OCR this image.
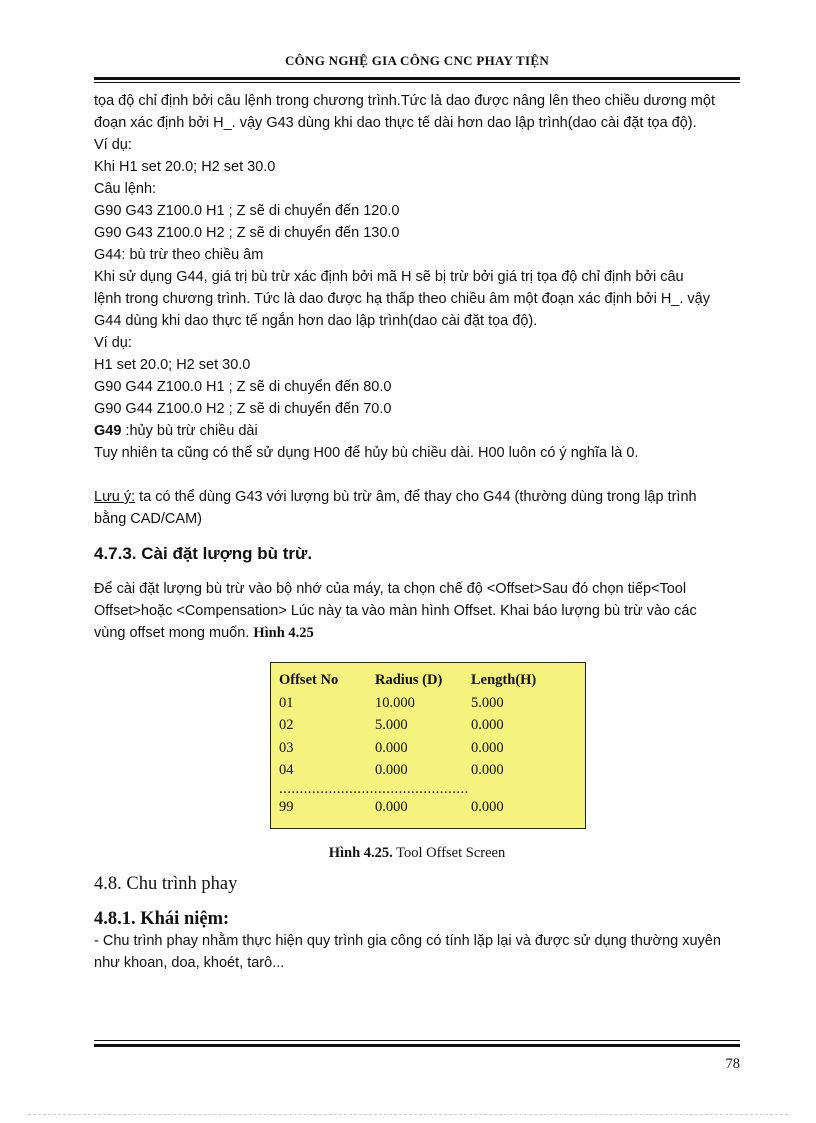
CÔNG NGHỆ GIA CÔNG CNC PHAY TIỆN
tọa độ chỉ định bởi câu lệnh trong chương trình.Tức là dao được nâng lên theo chiều dương một
đoạn xác định bởi H_. vậy G43 dùng khi dao thực tế dài hơn dao lập trình(dao cài đặt tọa độ).
Ví dụ:
Khi H1 set 20.0; H2 set 30.0
Câu lệnh:
G90 G43 Z100.0 H1 ; Z sẽ di chuyển đến 120.0
G90 G43 Z100.0 H2 ; Z sẽ di chuyển đến 130.0
G44: bù trừ theo chiều âm
Khi sử dụng G44, giá trị bù trừ xác định bởi mã H sẽ bị trừ bởi giá trị tọa độ chỉ định bởi câu
lệnh trong chương trình. Tức là dao được hạ thấp theo chiều âm một đoạn xác định bởi H_. vậy
G44 dùng khi dao thực tế ngắn hơn dao lập trình(dao cài đặt tọa độ).
Ví dụ:
H1 set 20.0; H2 set 30.0
G90 G44 Z100.0 H1 ; Z sẽ di chuyển đến 80.0
G90 G44 Z100.0 H2 ; Z sẽ di chuyển đến 70.0
G49 :hủy bù trừ chiều dài
Tuy nhiên ta cũng có thể sử dụng H00 để hủy bù chiều dài. H00 luôn có ý nghĩa là 0.
Lưu ý: ta có thể dùng G43 với lượng bù trừ âm, để thay cho G44 (thường dùng trong lập trình
bằng CAD/CAM)
4.7.3. Cài đặt lượng bù trừ.
Để cài đặt lượng bù trừ vào bộ nhớ của máy, ta chọn chế độ <Offset>Sau đó chọn tiếp<Tool
Offset>hoặc <Compensation> Lúc này ta vào màn hình Offset. Khai báo lượng bù trừ vào các
vùng offset mong muốn. Hình 4.25
Offset No	Radius (D)	Length(H)
01	10.000	5.000
02	5.000	0.000
03	0.000	0.000
04	0.000	0.000
..............................................
99	0.000	0.000
Hình 4.25. Tool Offset Screen
4.8. Chu trình phay
4.8.1. Khái niệm:
- Chu trình phay nhằm thực hiện quy trình gia công có tính lặp lại và được sử dụng thường xuyên
như khoan, doa, khoét, tarô...
78
